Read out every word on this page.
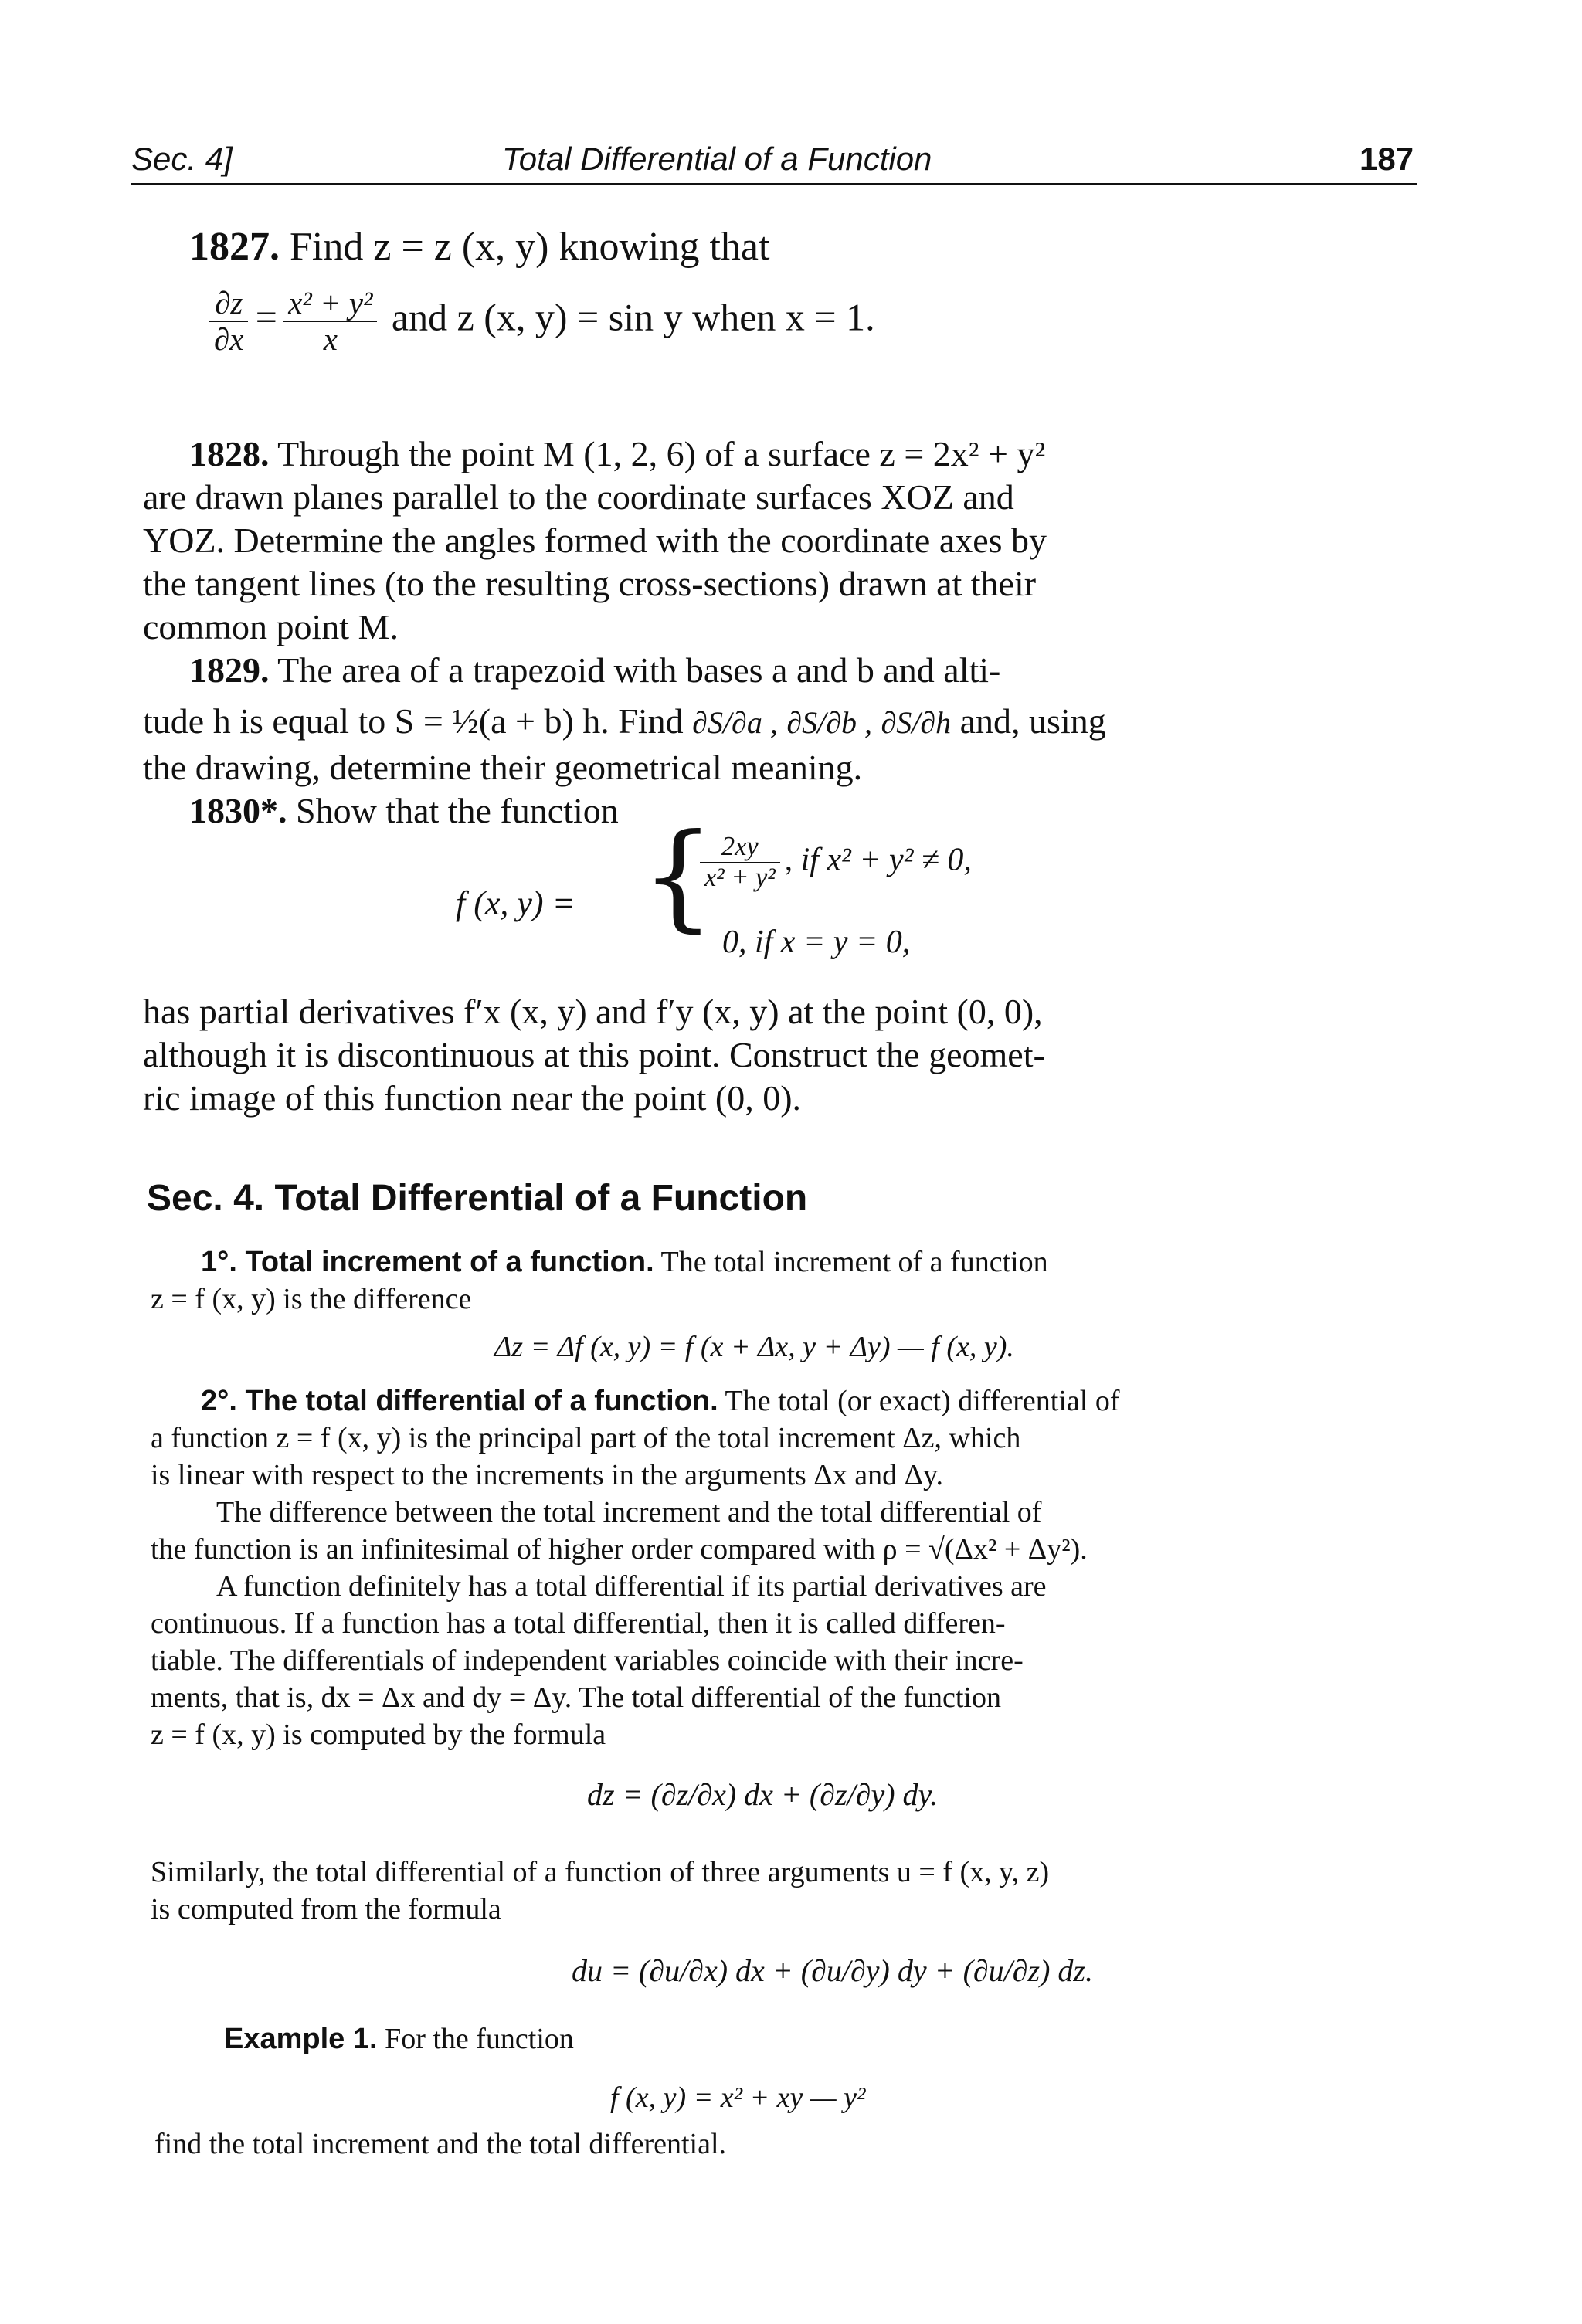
Sec. 4]	Total Differential of a Function	187
1827. Find z = z (x, y) knowing that
$\frac{\partial z}{\partial x} = \frac{\text{x² + y²}}{x}$ and z (x, y) = sin y when x = 1.
1828. Through the point M (1, 2, 6) of a surface z = 2x² + y²
are drawn planes parallel to the coordinate surfaces XOZ and
YOZ. Determine the angles formed with the coordinate axes by
the tangent lines (to the resulting cross-sections) drawn at their
common point M.
1829. The area of a trapezoid with bases a and b and alti-
tude h is equal to S = ½(a + b) h. Find ∂S/∂a , ∂S/∂b , ∂S/∂h and, using
the drawing, determine their geometrical meaning.
1830*. Show that the function
f (x, y) = {
$\frac{2xy}{\text{x² + y²}}$ , if x² + y² ≠ 0,
0, if x = y = 0,
has partial derivatives f′x (x, y) and f′y (x, y) at the point (0, 0),
although it is discontinuous at this point. Construct the geomet-
ric image of this function near the point (0, 0).
Sec. 4. Total Differential of a Function
1°. Total increment of a function. The total increment of a function
z = f (x, y) is the difference
Δz = Δf (x, y) = f (x + Δx, y + Δy) — f (x, y).
2°. The total differential of a function. The total (or exact) differential of
a function z = f (x, y) is the principal part of the total increment Δz, which
is linear with respect to the increments in the arguments Δx and Δy.
The difference between the total increment and the total differential of
the function is an infinitesimal of higher order compared with ρ = √(Δx² + Δy²).
A function definitely has a total differential if its partial derivatives are
continuous. If a function has a total differential, then it is called differen-
tiable. The differentials of independent variables coincide with their incre-
ments, that is, dx = Δx and dy = Δy. The total differential of the function
z = f (x, y) is computed by the formula
dz = (∂z/∂x) dx + (∂z/∂y) dy.
Similarly, the total differential of a function of three arguments u = f (x, y, z)
is computed from the formula
du = (∂u/∂x) dx + (∂u/∂y) dy + (∂u/∂z) dz.
Example 1. For the function
f (x, y) = x² + xy — y²
find the total increment and the total differential.
